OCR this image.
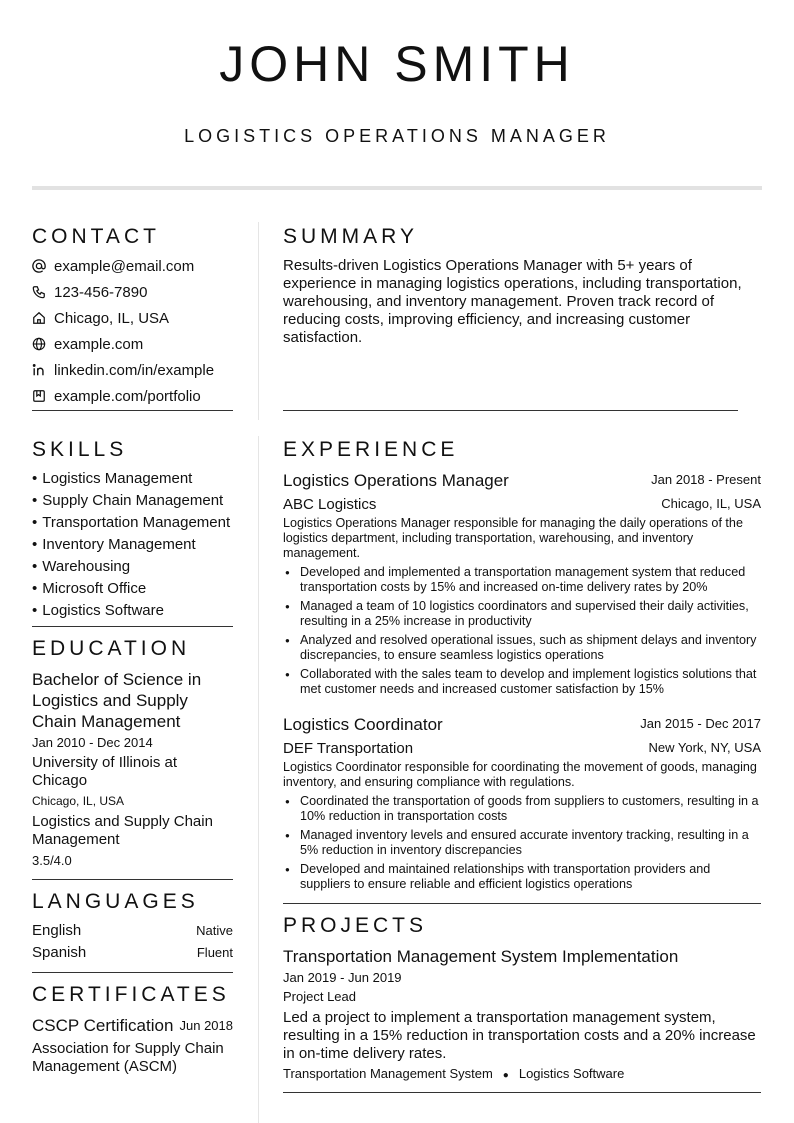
JOHN SMITH
LOGISTICS OPERATIONS MANAGER
CONTACT
example@email.com
123-456-7890
Chicago, IL, USA
example.com
linkedin.com/in/example
example.com/portfolio
SKILLS
• Logistics Management
• Supply Chain Management
• Transportation Management
• Inventory Management
• Warehousing
• Microsoft Office
• Logistics Software
EDUCATION
Bachelor of Science in Logistics and Supply Chain Management
Jan 2010 - Dec 2014
University of Illinois at Chicago
Chicago, IL, USA
Logistics and Supply Chain Management
3.5/4.0
LANGUAGES
English	Native
Spanish	Fluent
CERTIFICATES
CSCP Certification Jun 2018
Association for Supply Chain Management (ASCM)
SUMMARY
Results-driven Logistics Operations Manager with 5+ years of experience in managing logistics operations, including transportation, warehousing, and inventory management. Proven track record of reducing costs, improving efficiency, and increasing customer satisfaction.
EXPERIENCE
Logistics Operations Manager	Jan 2018 - Present
ABC Logistics	Chicago, IL, USA
Logistics Operations Manager responsible for managing the daily operations of the logistics department, including transportation, warehousing, and inventory management.
● Developed and implemented a transportation management system that reduced transportation costs by 15% and increased on-time delivery rates by 20%
● Managed a team of 10 logistics coordinators and supervised their daily activities, resulting in a 25% increase in productivity
● Analyzed and resolved operational issues, such as shipment delays and inventory discrepancies, to ensure seamless logistics operations
● Collaborated with the sales team to develop and implement logistics solutions that met customer needs and increased customer satisfaction by 15%
Logistics Coordinator	Jan 2015 - Dec 2017
DEF Transportation	New York, NY, USA
Logistics Coordinator responsible for coordinating the movement of goods, managing inventory, and ensuring compliance with regulations.
● Coordinated the transportation of goods from suppliers to customers, resulting in a 10% reduction in transportation costs
● Managed inventory levels and ensured accurate inventory tracking, resulting in a 5% reduction in inventory discrepancies
● Developed and maintained relationships with transportation providers and suppliers to ensure reliable and efficient logistics operations
PROJECTS
Transportation Management System Implementation
Jan 2019 - Jun 2019
Project Lead
Led a project to implement a transportation management system, resulting in a 15% reduction in transportation costs and a 20% increase in on-time delivery rates.
Transportation Management System ● Logistics Software
